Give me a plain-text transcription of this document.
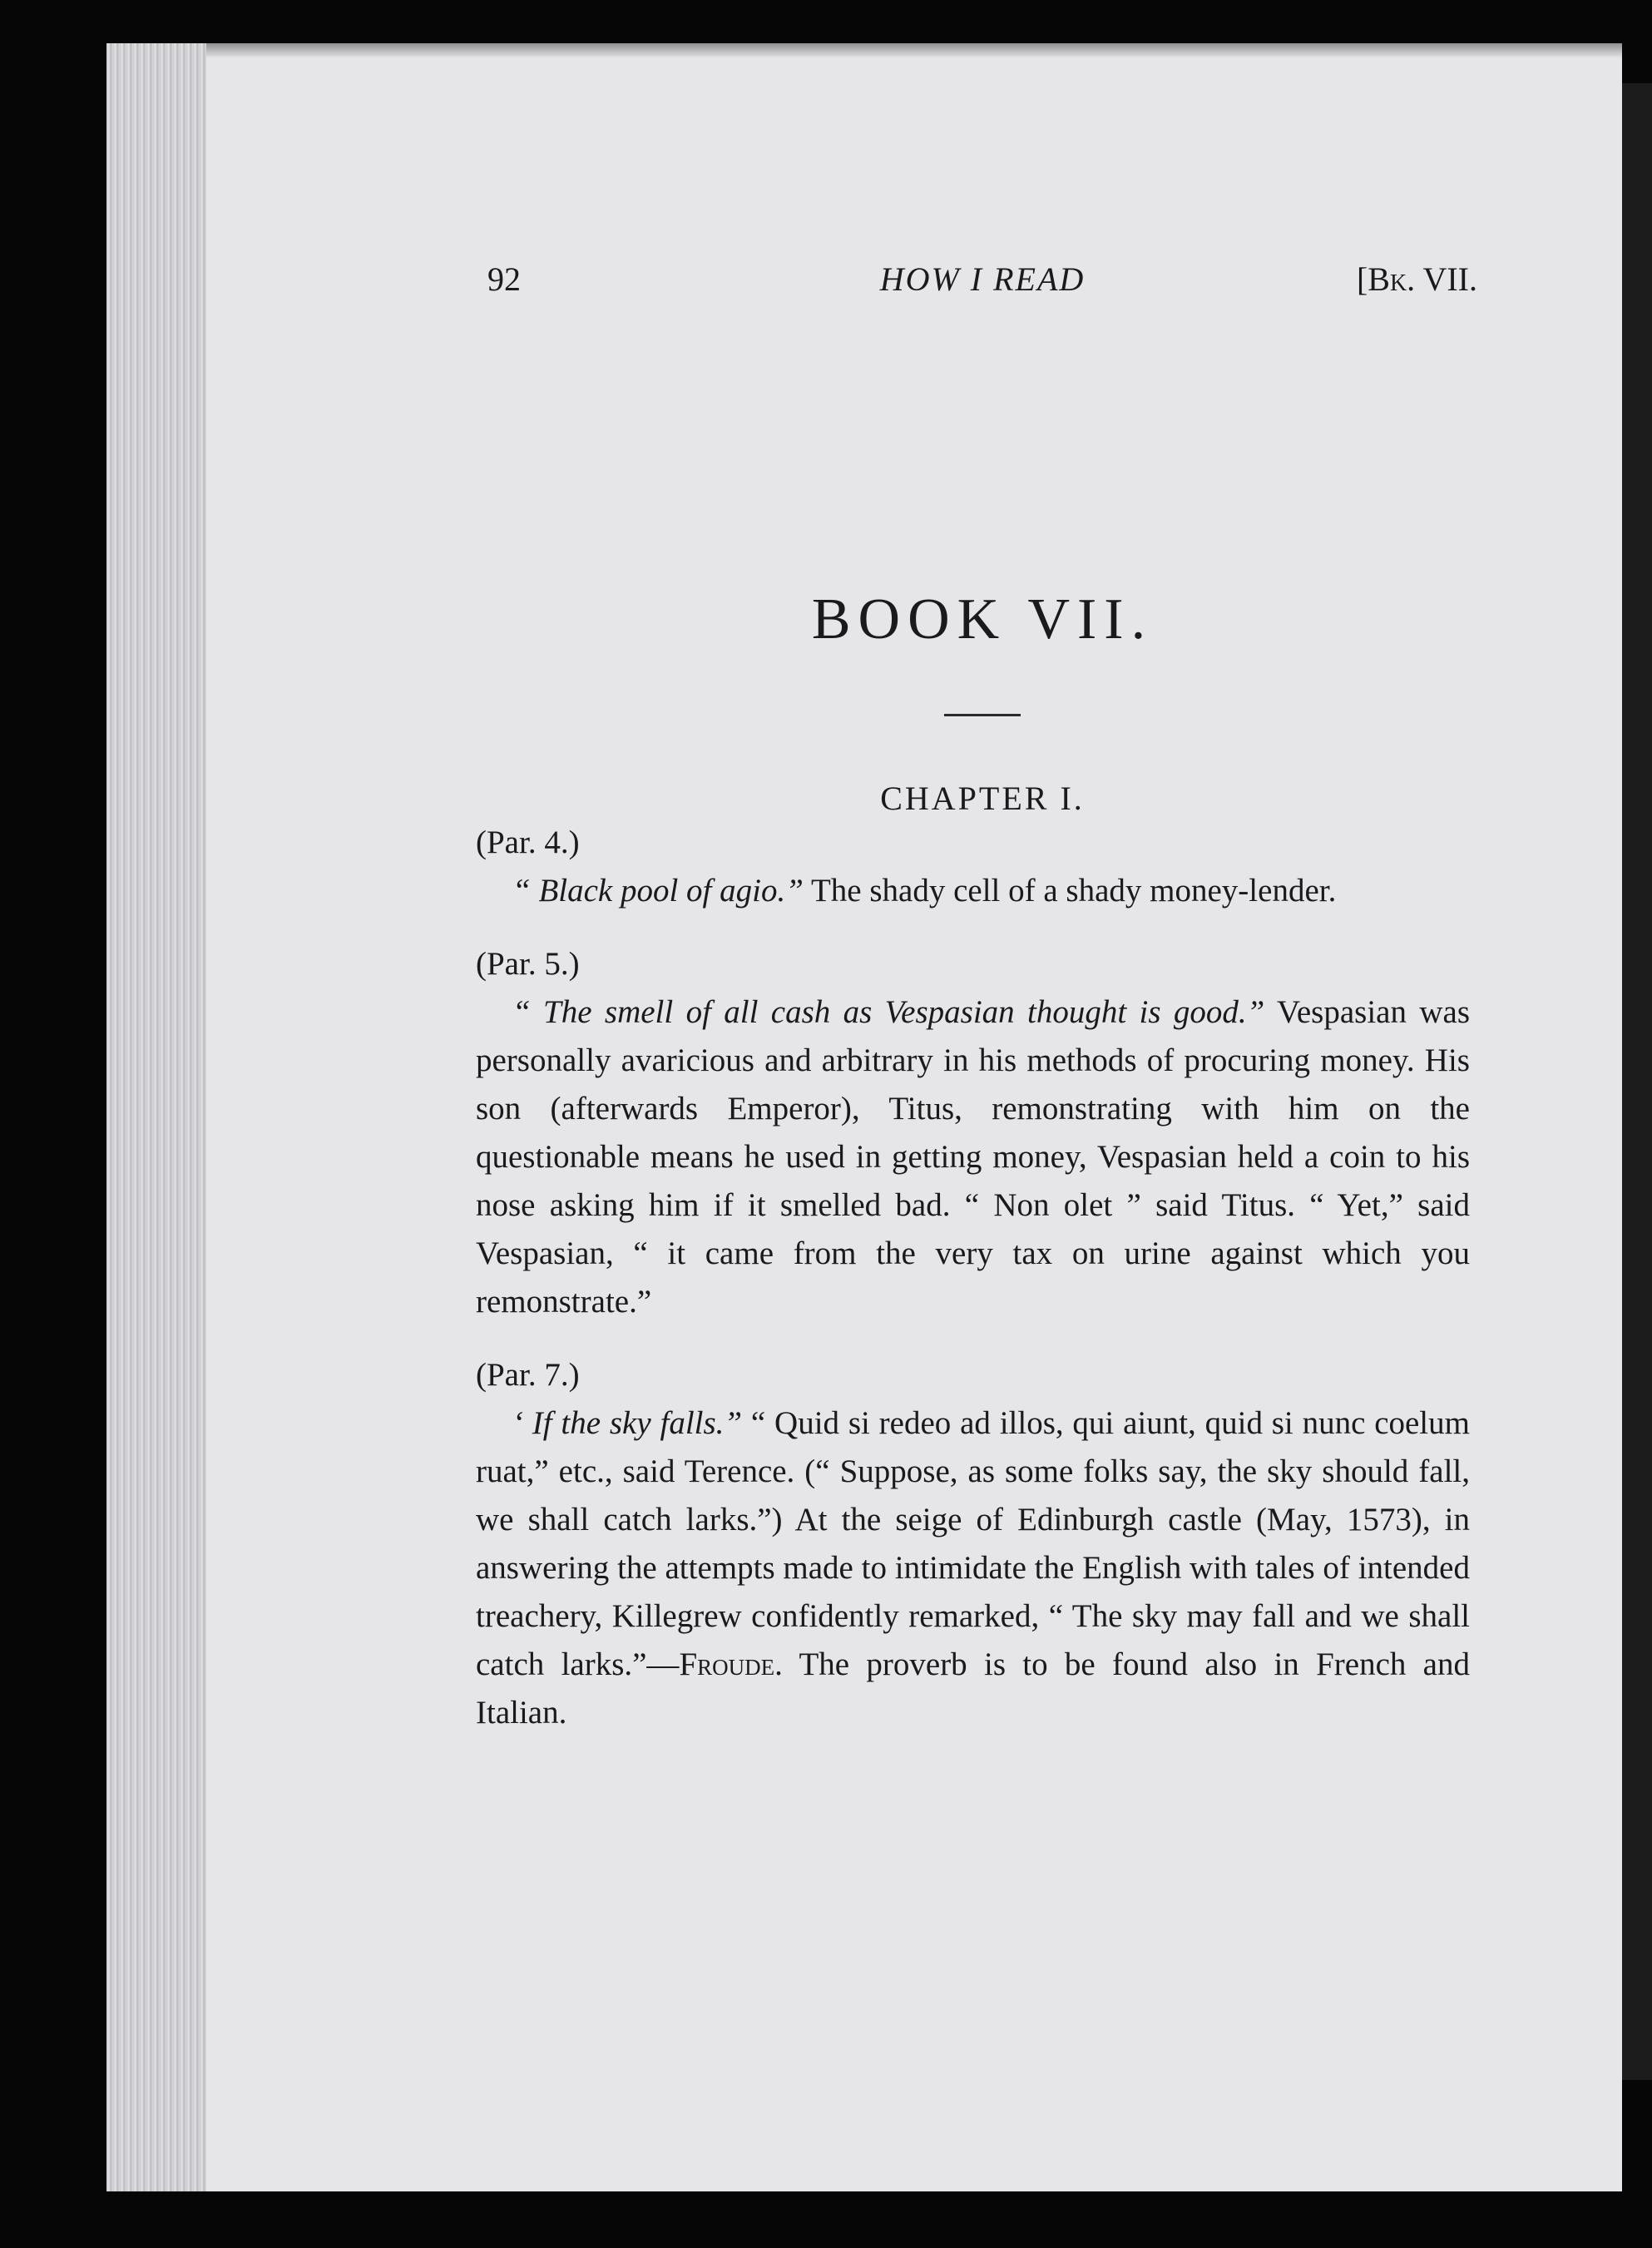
92	HOW I READ	[Bk. VII.
BOOK VII.
CHAPTER I.

(Par. 4.)

“ Black pool of agio.” The shady cell of a shady money-lender.

(Par. 5.)

“ The smell of all cash as Vespasian thought is good.” Vespasian was personally avaricious and arbitrary in his methods of procuring money. His son (afterwards Emperor), Titus, remonstrating with him on the questionable means he used in getting money, Vespasian held a coin to his nose asking him if it smelled bad. “ Non olet ” said Titus. “ Yet,” said Vespasian, “ it came from the very tax on urine against which you remonstrate.”

(Par. 7.)

‘ If the sky falls.” “ Quid si redeo ad illos, qui aiunt, quid si nunc coelum ruat,” etc., said Terence. (“ Suppose, as some folks say, the sky should fall, we shall catch larks.”) At the seige of Edinburgh castle (May, 1573), in answering the attempts made to intimidate the English with tales of intended treachery, Killegrew confidently remarked, “ The sky may fall and we shall catch larks.”—Froude. The proverb is to be found also in French and Italian.
